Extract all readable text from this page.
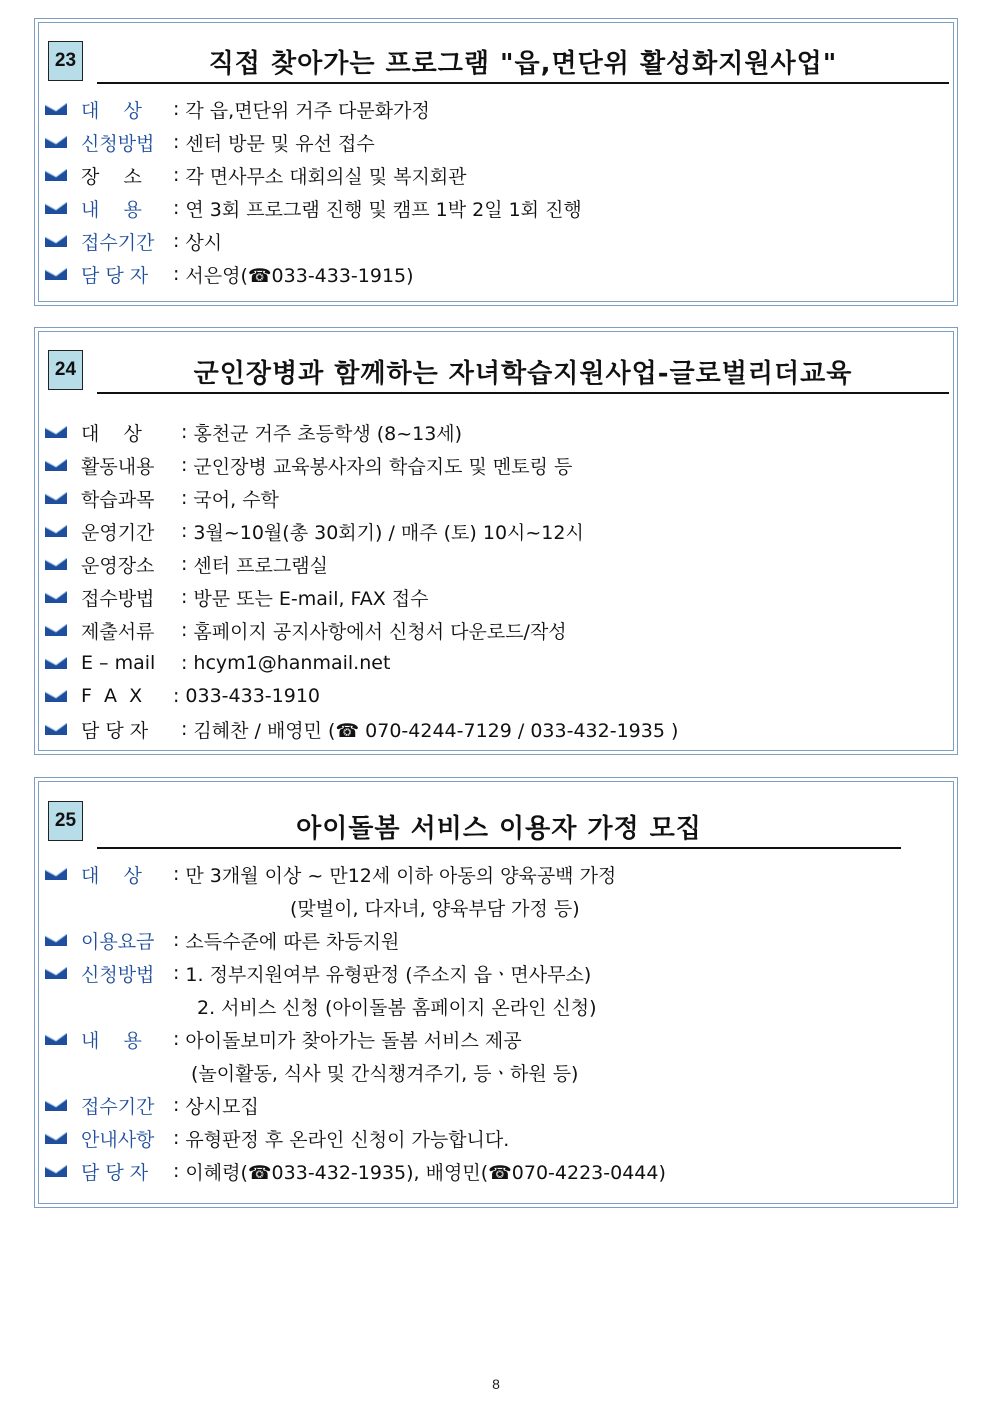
23	직접 찾아가는 프로그램 "읍,면단위 활성화지원사업"
대    상	: 각 읍,면단위 거주 다문화가정
신청방법 : 센터 방문 및 유선 접수
장    소	: 각 면사무소 대회의실 및 복지회관
내    용	: 연 3회 프로그램 진행 및 캠프 1박 2일 1회 진행
접수기간 : 상시
담 당 자	: 서은영(☎033-433-1915)
24	군인장병과 함께하는 자녀학습지원사업-글로벌리더교육
대    상	: 홍천군 거주 초등학생 (8~13세)
활동내용	: 군인장병 교육봉사자의 학습지도 및 멘토링 등
학습과목	: 국어, 수학
운영기간	: 3월~10월(총 30회기) / 매주 (토) 10시~12시
운영장소	: 센터 프로그램실
접수방법	: 방문 또는 E-mail, FAX 접수
제출서류	: 홈페이지 공지사항에서 신청서 다운로드/작성
E – mail	: hcym1@hanmail.net
F  A  X	: 033-433-1910
담 당 자	: 김혜찬 / 배영민 (☎ 070-4244-7129 / 033-432-1935 )
25	아이돌봄 서비스 이용자 가정 모집
대    상	: 만 3개월 이상 ~ 만12세 이하 아동의 양육공백 가정
(맞벌이, 다자녀, 양육부담 가정 등)
이용요금 : 소득수준에 따른 차등지원
신청방법 : 1. 정부지원여부 유형판정 (주소지 읍ㆍ면사무소)
2. 서비스 신청 (아이돌봄 홈페이지 온라인 신청)
내    용	: 아이돌보미가 찾아가는 돌봄 서비스 제공
(놀이활동, 식사 및 간식챙겨주기, 등ㆍ하원 등)
접수기간 : 상시모집
안내사항 : 유형판정 후 온라인 신청이 가능합니다.
담 당 자	: 이혜령(☎033-432-1935), 배영민(☎070-4223-0444)
8
